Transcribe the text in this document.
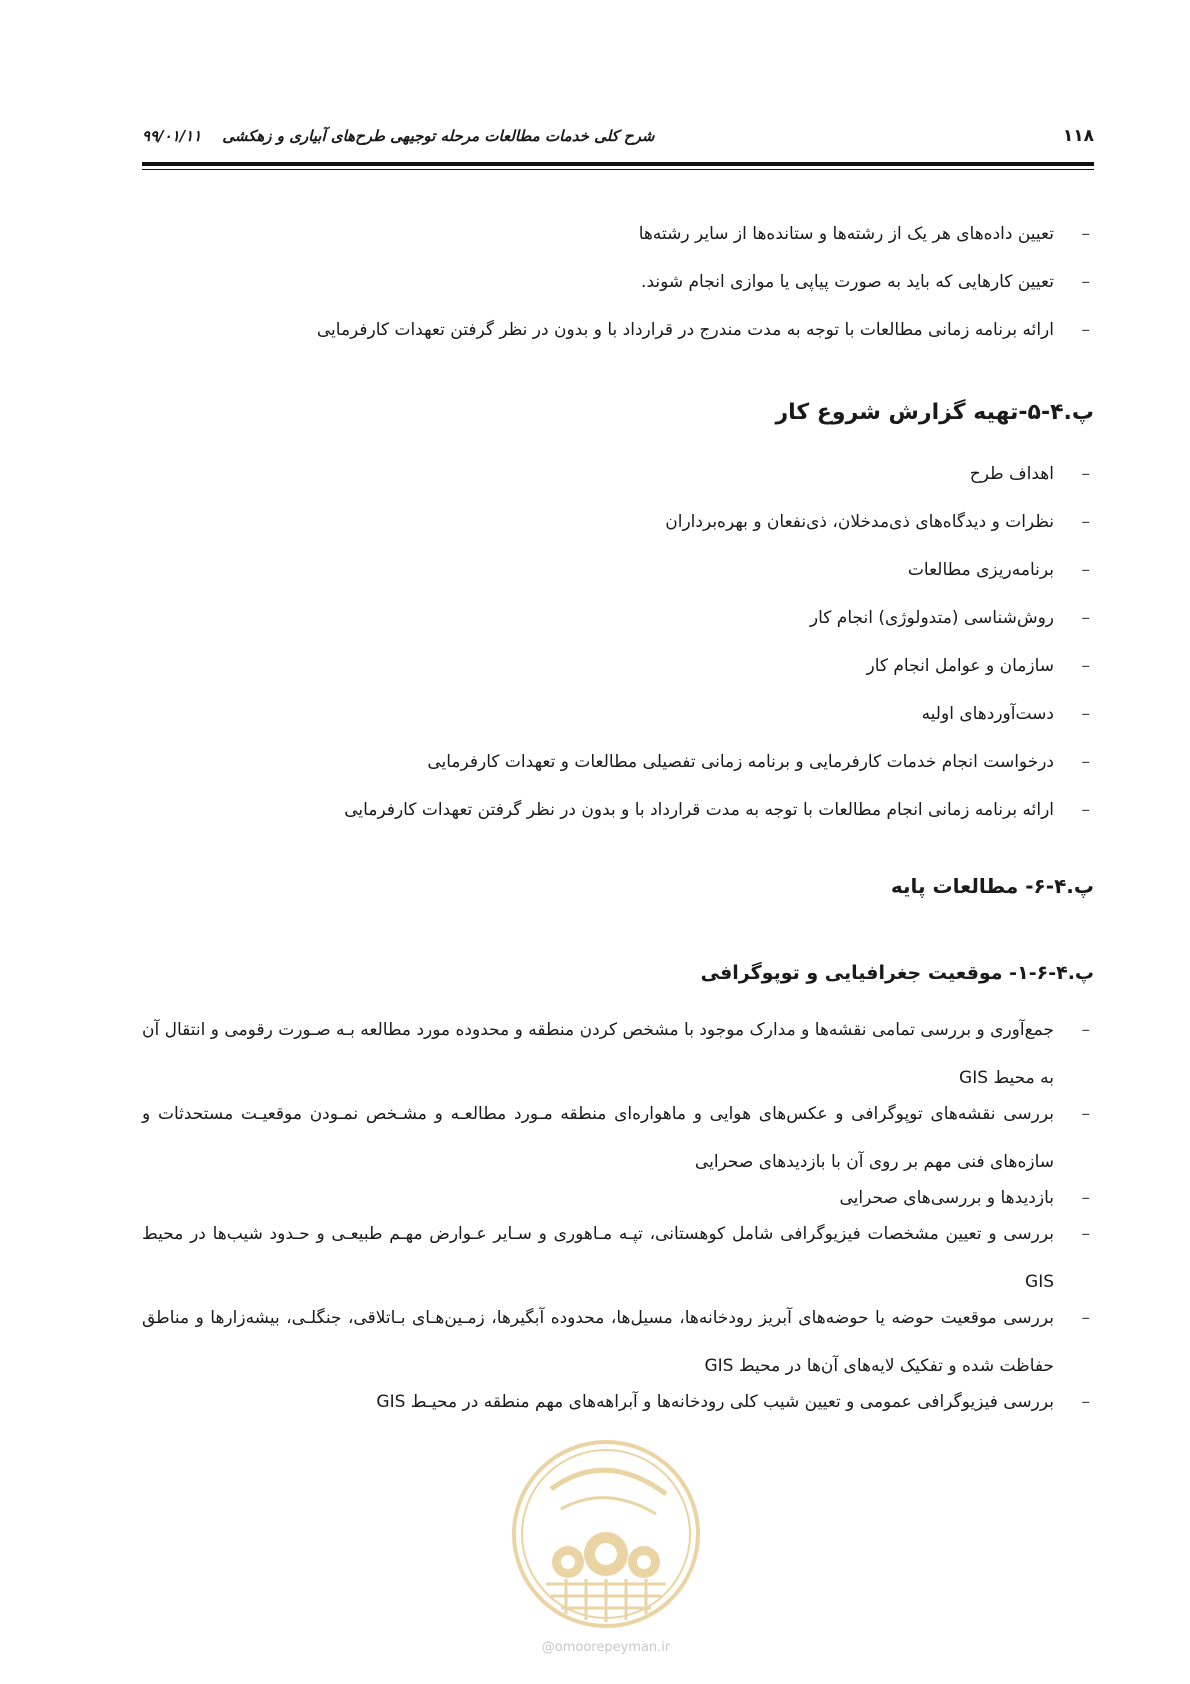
۱۱۸
شرح کلی خدمات مطالعات مرحله توجیهی طرح‌های آبیاری و زهکشی    ۹۹/۰۱/۱۱
–
تعیین داده‌های هر یک از رشته‌ها و ستانده‌ها از سایر رشته‌ها
–
تعیین کارهایی که باید به صورت پیاپی یا موازی انجام شوند.
–
ارائه برنامه زمانی مطالعات با توجه به مدت مندرج در قرارداد با و بدون در نظر گرفتن تعهدات کارفرمایی
پ.۴-۵-تهیه گزارش شروع کار
–
اهداف طرح
–
نظرات و دیدگاه‌های ذی‌مدخلان، ذی‌نفعان و بهره‌برداران
–
برنامه‌ریزی مطالعات
–
روش‌شناسی (متدولوژی) انجام کار
–
سازمان و عوامل انجام کار
–
دست‌آوردهای اولیه
–
درخواست انجام خدمات کارفرمایی و برنامه زمانی تفصیلی مطالعات و تعهدات کارفرمایی
–
ارائه برنامه زمانی انجام مطالعات با توجه به مدت قرارداد با و بدون در نظر گرفتن تعهدات کارفرمایی
پ.۴-۶- مطالعات پایه
پ.۴-۶-۱- موقعیت جغرافیایی و توپوگرافی
–
جمع‌آوری و بررسی تمامی نقشه‌ها و مدارک موجود با مشخص کردن منطقه و محدوده مورد مطالعه بـه صـورت رقومی و انتقال آن به محیط GIS
–
بررسی نقشه‌های توپوگرافی و عکس‌های هوایی و ماهواره‌ای منطقه مـورد مطالعـه و مشـخص نمـودن موقعیـت مستحدثات و سازه‌های فنی مهم بر روی آن با بازدیدهای صحرایی
–
بازدیدها و بررسی‌های صحرایی
–
بررسی و تعیین مشخصات فیزیوگرافی شامل کوهستانی، تپـه مـاهوری و سـایر عـوارض مهـم طبیعـی و حـدود شیب‌ها در محیط GIS
–
بررسی موقعیت حوضه یا حوضه‌های آبریز رودخانه‌ها، مسیل‌ها، محدوده آبگیرها، زمـین‌هـای بـاتلاقی، جنگلـی، بیشه‌زارها و مناطق حفاظت شده و تفکیک لایه‌های آن‌ها در محیط GIS
–
بررسی فیزیوگرافی عمومی و تعیین شیب کلی رودخانه‌ها و آبراهه‌های مهم منطقه در محیـط GIS
@omoorepeyman.ir
